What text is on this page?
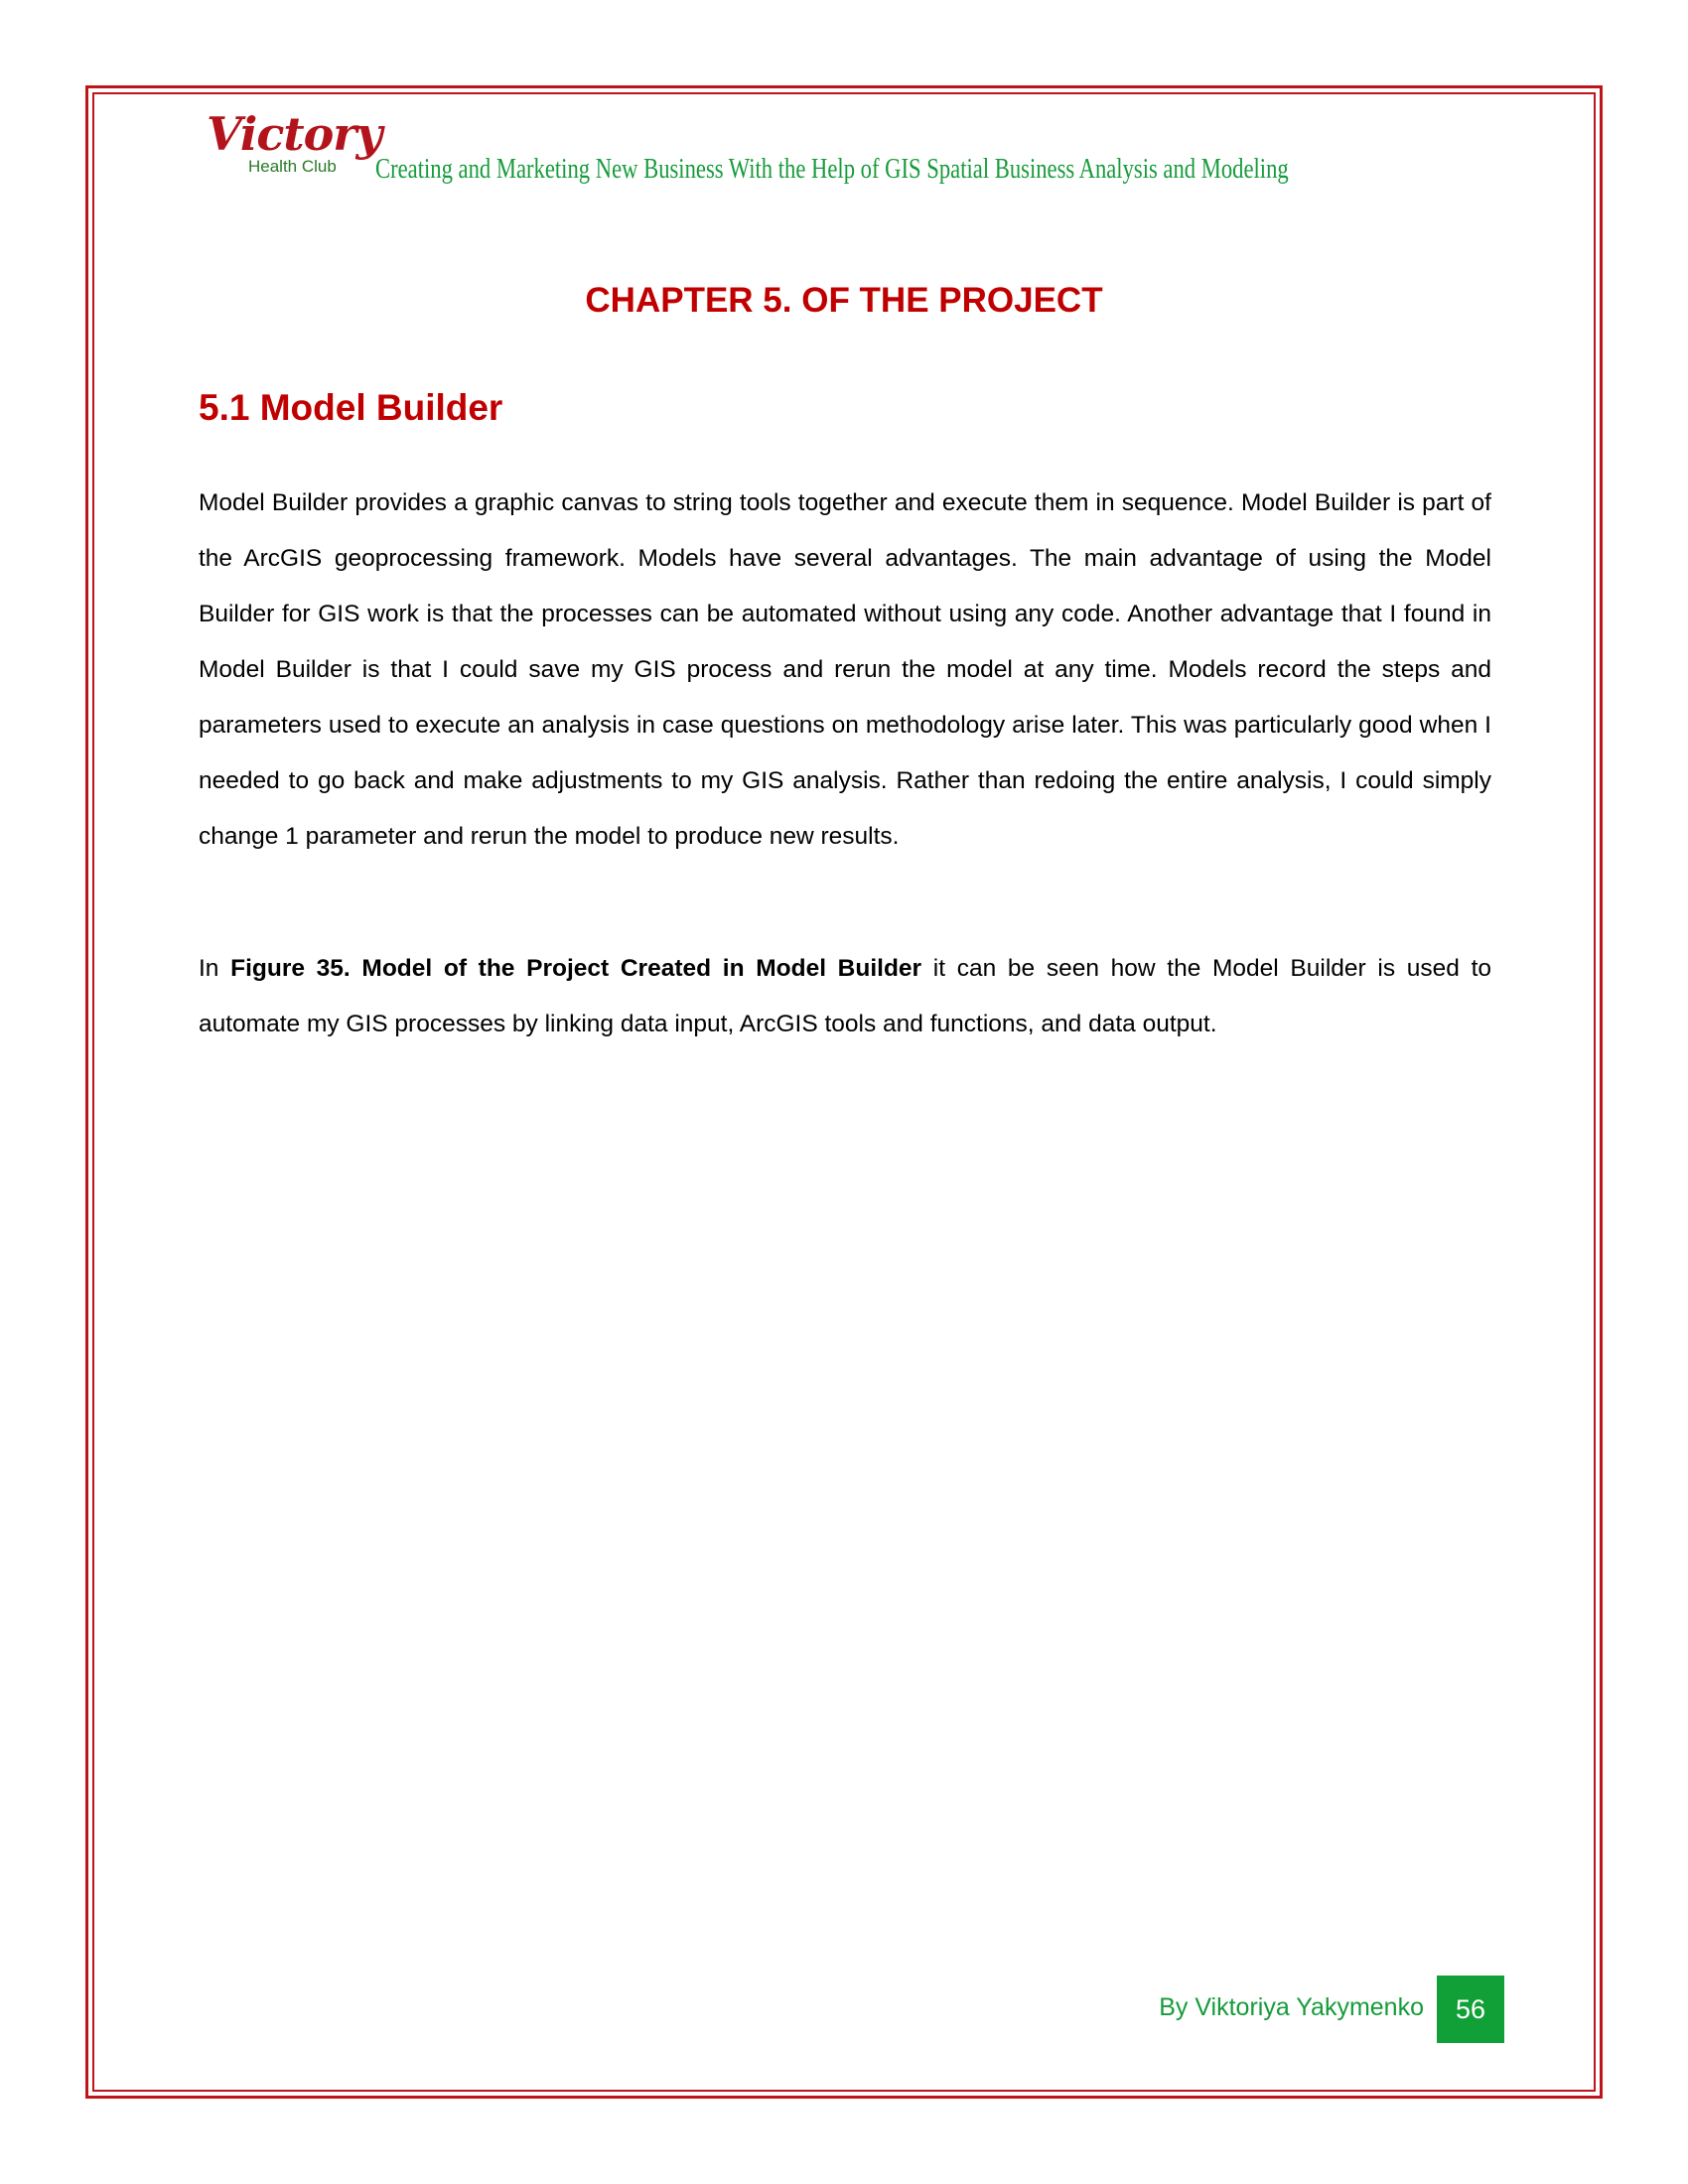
Victory
Health Club Creating and Marketing New Business With the Help of GIS Spatial Business Analysis and Modeling
CHAPTER 5. OF THE PROJECT
5.1 Model Builder

Model Builder provides a graphic canvas to string tools together and execute them in sequence. Model Builder is part of the ArcGIS geoprocessing framework. Models have several advantages. The main advantage of using the Model Builder for GIS work is that the processes can be automated without using any code. Another advantage that I found in Model Builder is that I could save my GIS process and rerun the model at any time. Models record the steps and parameters used to execute an analysis in case questions on methodology arise later. This was particularly good when I needed to go back and make adjustments to my GIS analysis. Rather than redoing the entire analysis, I could simply change 1 parameter and rerun the model to produce new results.

In Figure 35. Model of the Project Created in Model Builder it can be seen how the Model Builder is used to automate my GIS processes by linking data input, ArcGIS tools and functions, and data output.

By Viktoriya Yakymenko 56
